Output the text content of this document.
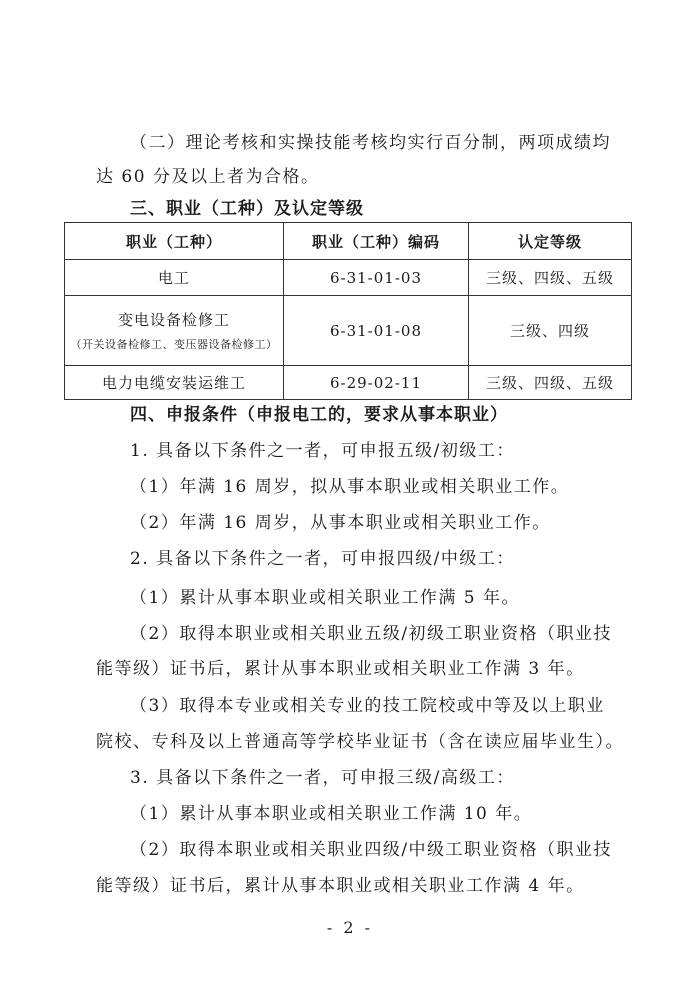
（二）理论考核和实操技能考核均实行百分制，两项成绩均
达 60 分及以上者为合格。
三、职业（工种）及认定等级
职业（工种）	职业（工种）编码	认定等级
电工	6-31-01-03	三级、四级、五级
变电设备检修工
（开关设备检修工、变压器设备检修工）	6-31-01-08	三级、四级
电力电缆安装运维工	6-29-02-11	三级、四级、五级
四、申报条件（申报电工的，要求从事本职业）
1. 具备以下条件之一者，可申报五级/初级工：
（1）年满 16 周岁，拟从事本职业或相关职业工作。
（2）年满 16 周岁，从事本职业或相关职业工作。
2. 具备以下条件之一者，可申报四级/中级工：
（1）累计从事本职业或相关职业工作满 5 年。
（2）取得本职业或相关职业五级/初级工职业资格（职业技
能等级）证书后，累计从事本职业或相关职业工作满 3 年。
（3）取得本专业或相关专业的技工院校或中等及以上职业
院校、专科及以上普通高等学校毕业证书（含在读应届毕业生）。
3. 具备以下条件之一者，可申报三级/高级工：
（1）累计从事本职业或相关职业工作满 10 年。
（2）取得本职业或相关职业四级/中级工职业资格（职业技
能等级）证书后，累计从事本职业或相关职业工作满 4 年。
- 2 -
